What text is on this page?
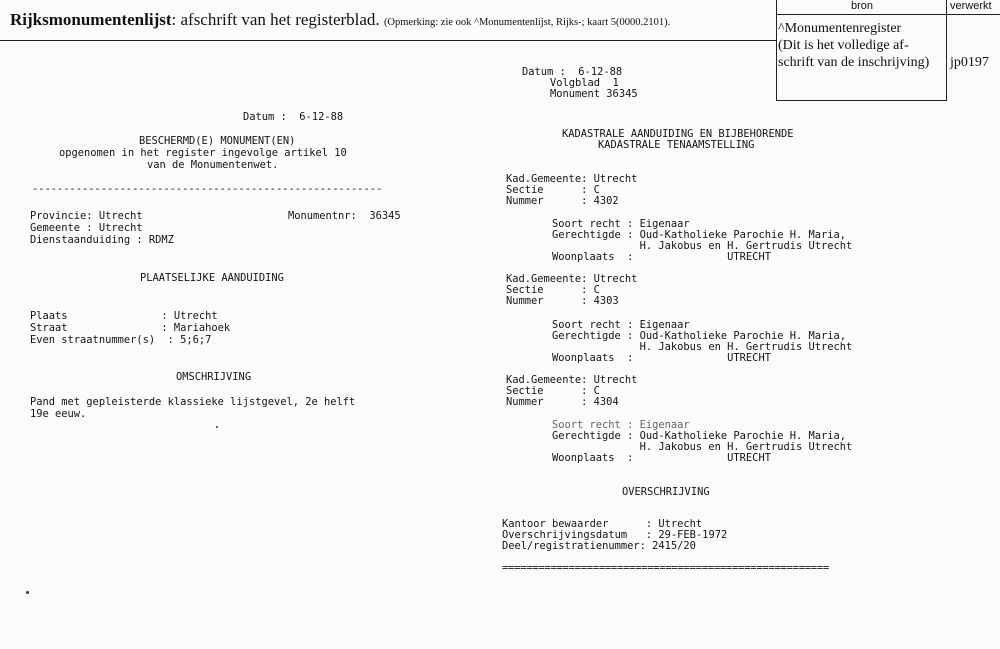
Rijksmonumentenlijst: afschrift van het registerblad. (Opmerking: zie ook ^Monumentenlijst, Rijks-; kaart 5(0000.2101).
bron
^Monumentenregister
(Dit is het volledige af-
schrift van de inschrijving)
verwerkt
jp0197
Datum :  6-12-88
BESCHERMD(E) MONUMENT(EN)
opgenomen in het register ingevolge artikel 10
van de Monumentenwet.
--------------------------------------------------------
Provincie: Utrecht	Monumentnr:  36345
Gemeente : Utrecht
Dienstaanduiding : RDMZ
PLAATSELIJKE AANDUIDING
Plaats               : Utrecht
Straat               : Mariahoek
Even straatnummer(s)  : 5;6;7
OMSCHRIJVING
Pand met gepleisterde klassieke lijstgevel, 2e helft
19e eeuw.
Datum :  6-12-88
Volgblad  1
Monument 36345
KADASTRALE AANDUIDING EN BIJBEHORENDE
KADASTRALE TENAAMSTELLING
Kad.Gemeente: Utrecht
Sectie      : C
Nummer      : 4302
Soort recht : Eigenaar
Gerechtigde : Oud-Katholieke Parochie H. Maria,
H. Jakobus en H. Gertrudis Utrecht
Woonplaats  :               UTRECHT
Kad.Gemeente: Utrecht
Sectie      : C
Nummer      : 4303
Soort recht : Eigenaar
Gerechtigde : Oud-Katholieke Parochie H. Maria,
H. Jakobus en H. Gertrudis Utrecht
Woonplaats  :               UTRECHT
Kad.Gemeente: Utrecht
Sectie      : C
Nummer      : 4304
Soort recht : Eigenaar
Gerechtigde : Oud-Katholieke Parochie H. Maria,
H. Jakobus en H. Gertrudis Utrecht
Woonplaats  :               UTRECHT
OVERSCHRIJVING
Kantoor bewaarder      : Utrecht
Overschrijvingsdatum   : 29-FEB-1972
Deel/registratienummer: 2415/20
======================================================
